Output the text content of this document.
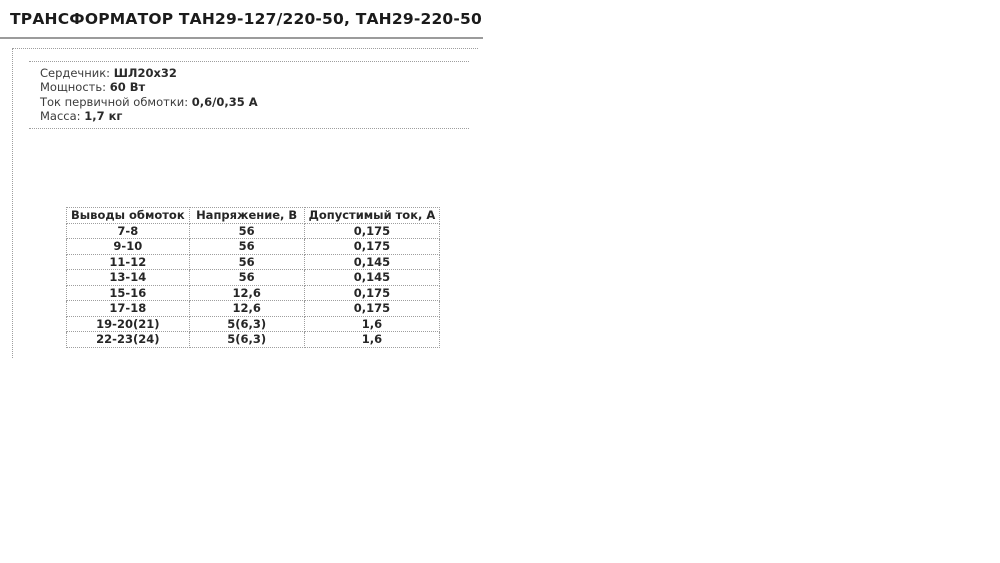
ТРАНСФОРМАТОР ТАН29-127/220-50, ТАН29-220-50
Сердечник: ШЛ20х32
Мощность: 60 Вт
Ток первичной обмотки: 0,6/0,35 А
Масса: 1,7 кг
Выводы обмоток	Напряжение, В	Допустимый ток, А
7-8	56	0,175
9-10	56	0,175
11-12	56	0,145
13-14	56	0,145
15-16	12,6	0,175
17-18	12,6	0,175
19-20(21)	5(6,3)	1,6
22-23(24)	5(6,3)	1,6
